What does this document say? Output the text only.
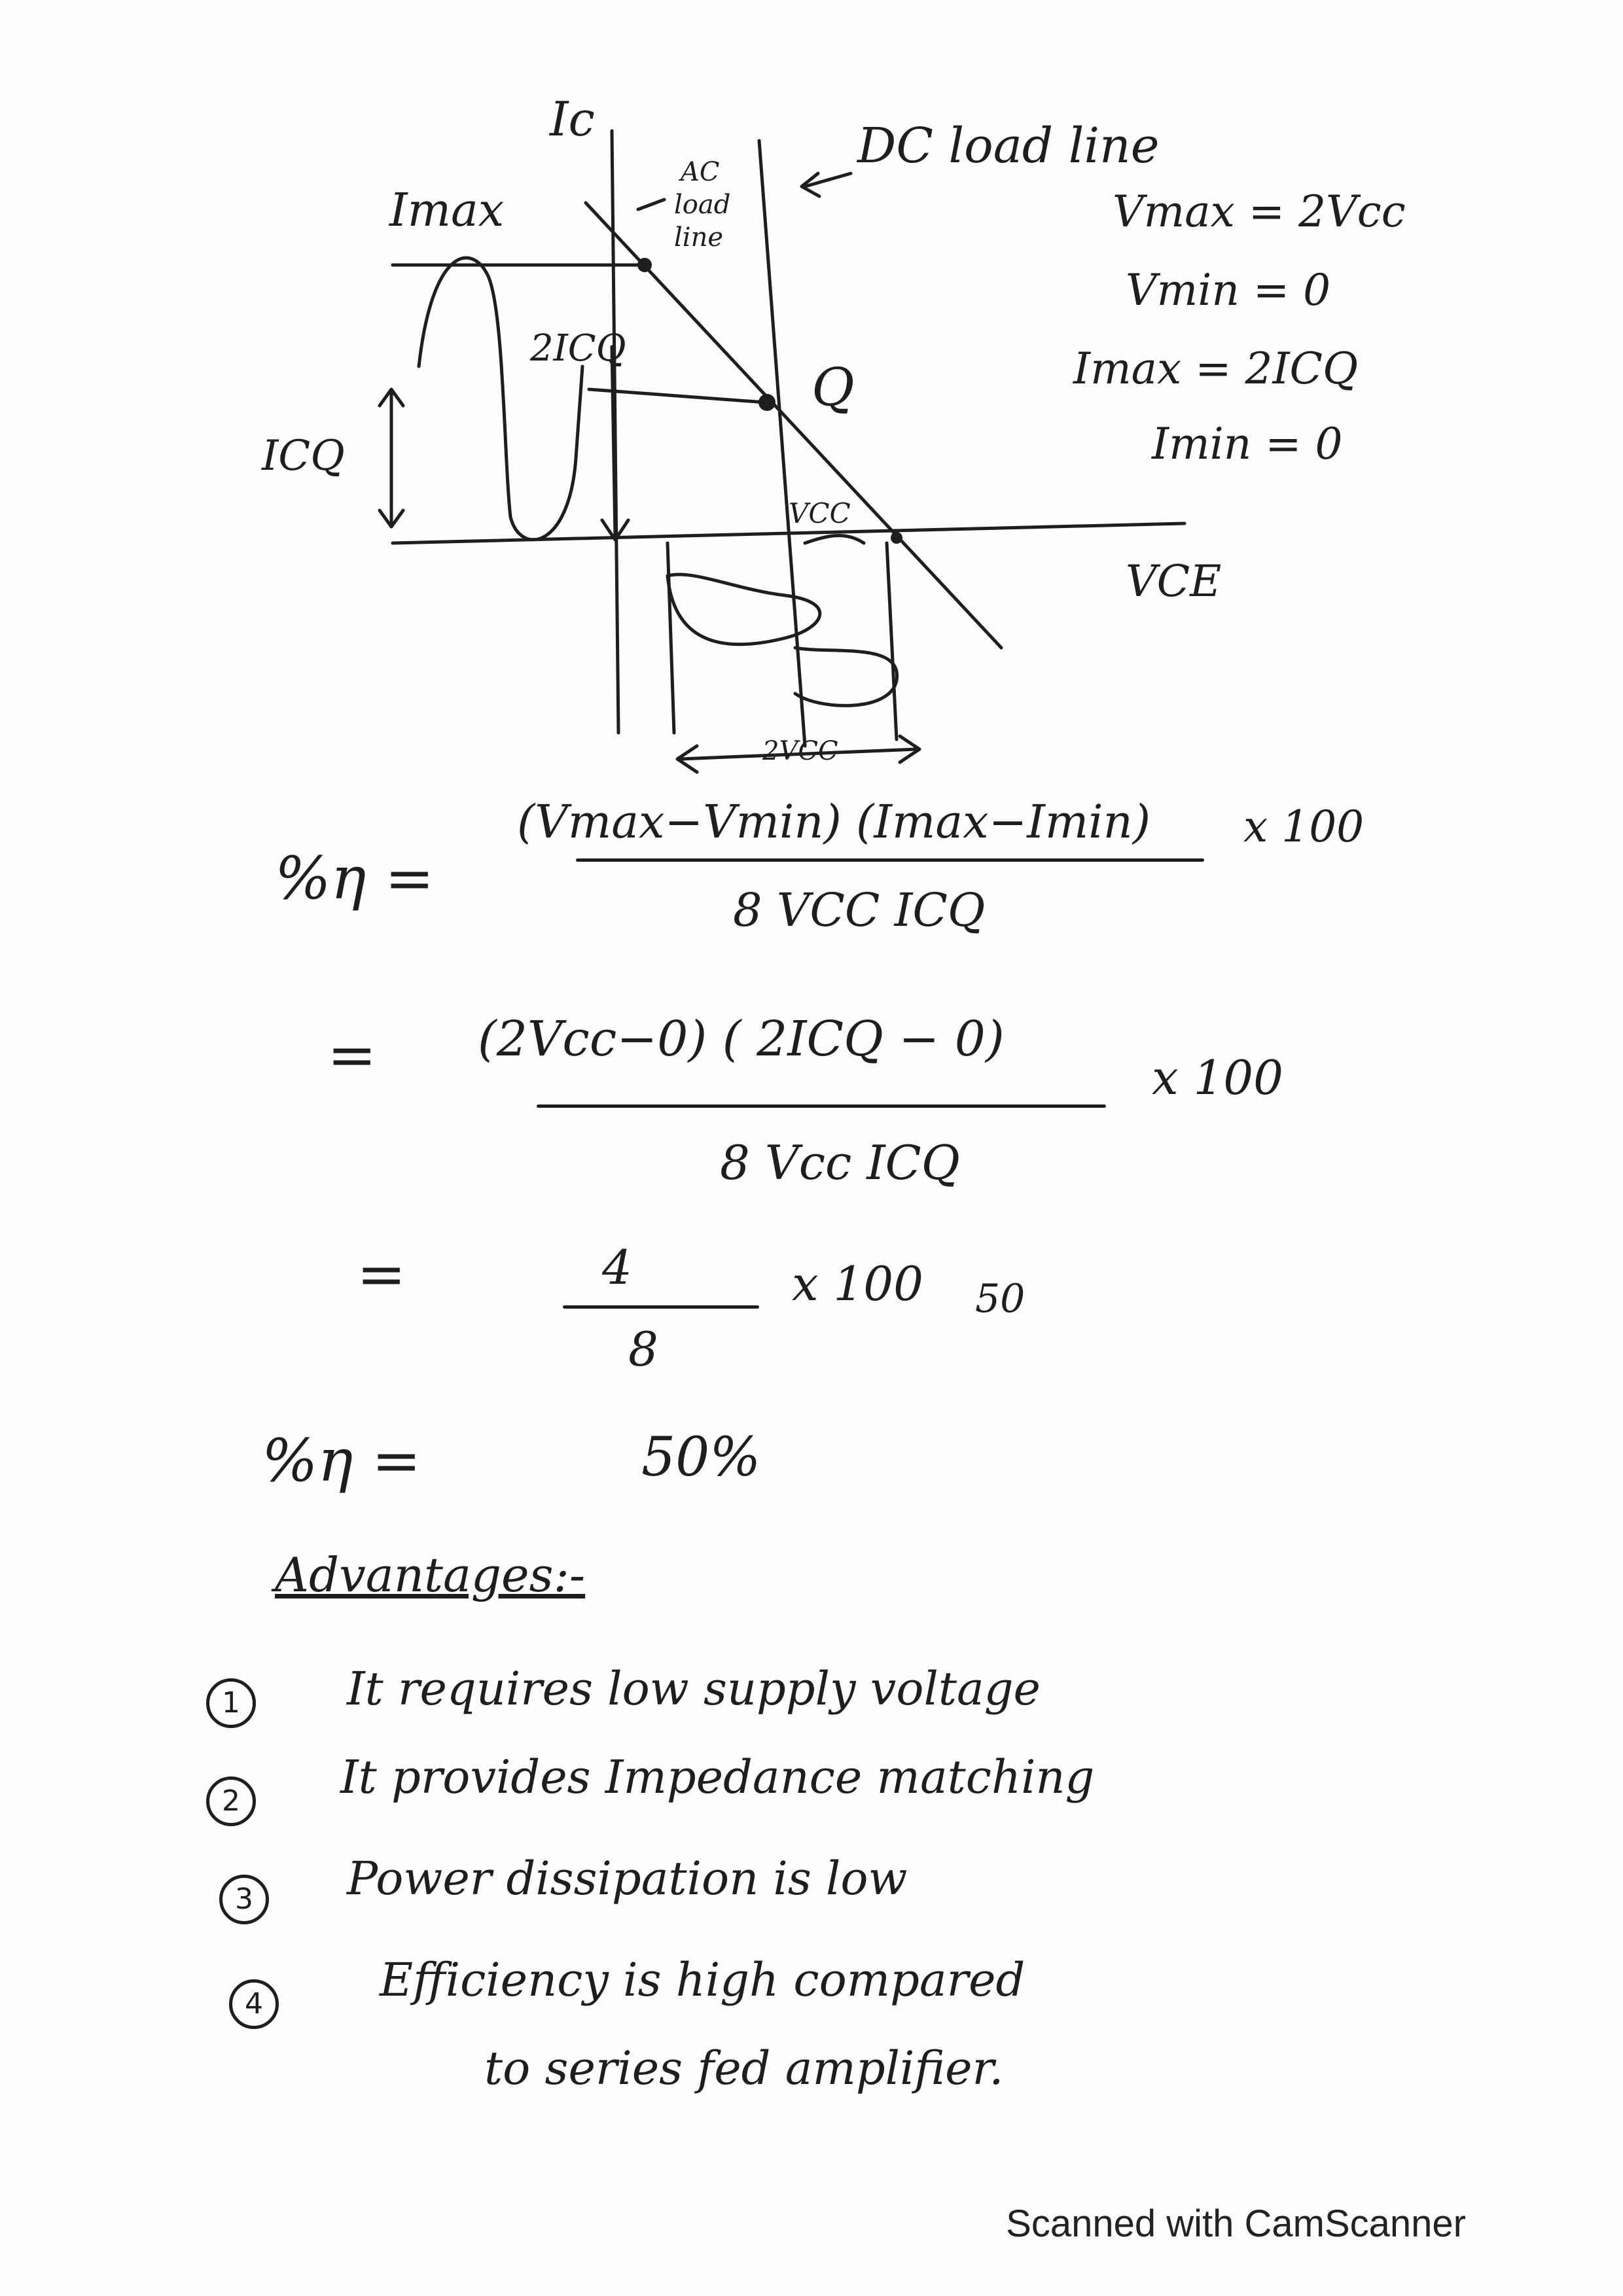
Ic
Imax
AC
load
line
DC load line
2ICQ
ICQ
Q
VCC
VCE
2VCC
Vmax = 2Vcc
Vmin = 0
Imax = 2ICQ
Imin = 0
%η =
(Vmax−Vmin) (Imax−Imin) x 100
8 VCC ICQ
= (2Vcc−0) ( 2ICQ − 0)
x 100
8 Vcc ICQ
=	4	x 100 50
8
%η =	50%
Advantages:-
1	It requires low supply voltage
2	It provides Impedance matching
3	Power dissipation is low
4	Efficiency is high compared
to series fed amplifier.
Scanned with CamScanner
